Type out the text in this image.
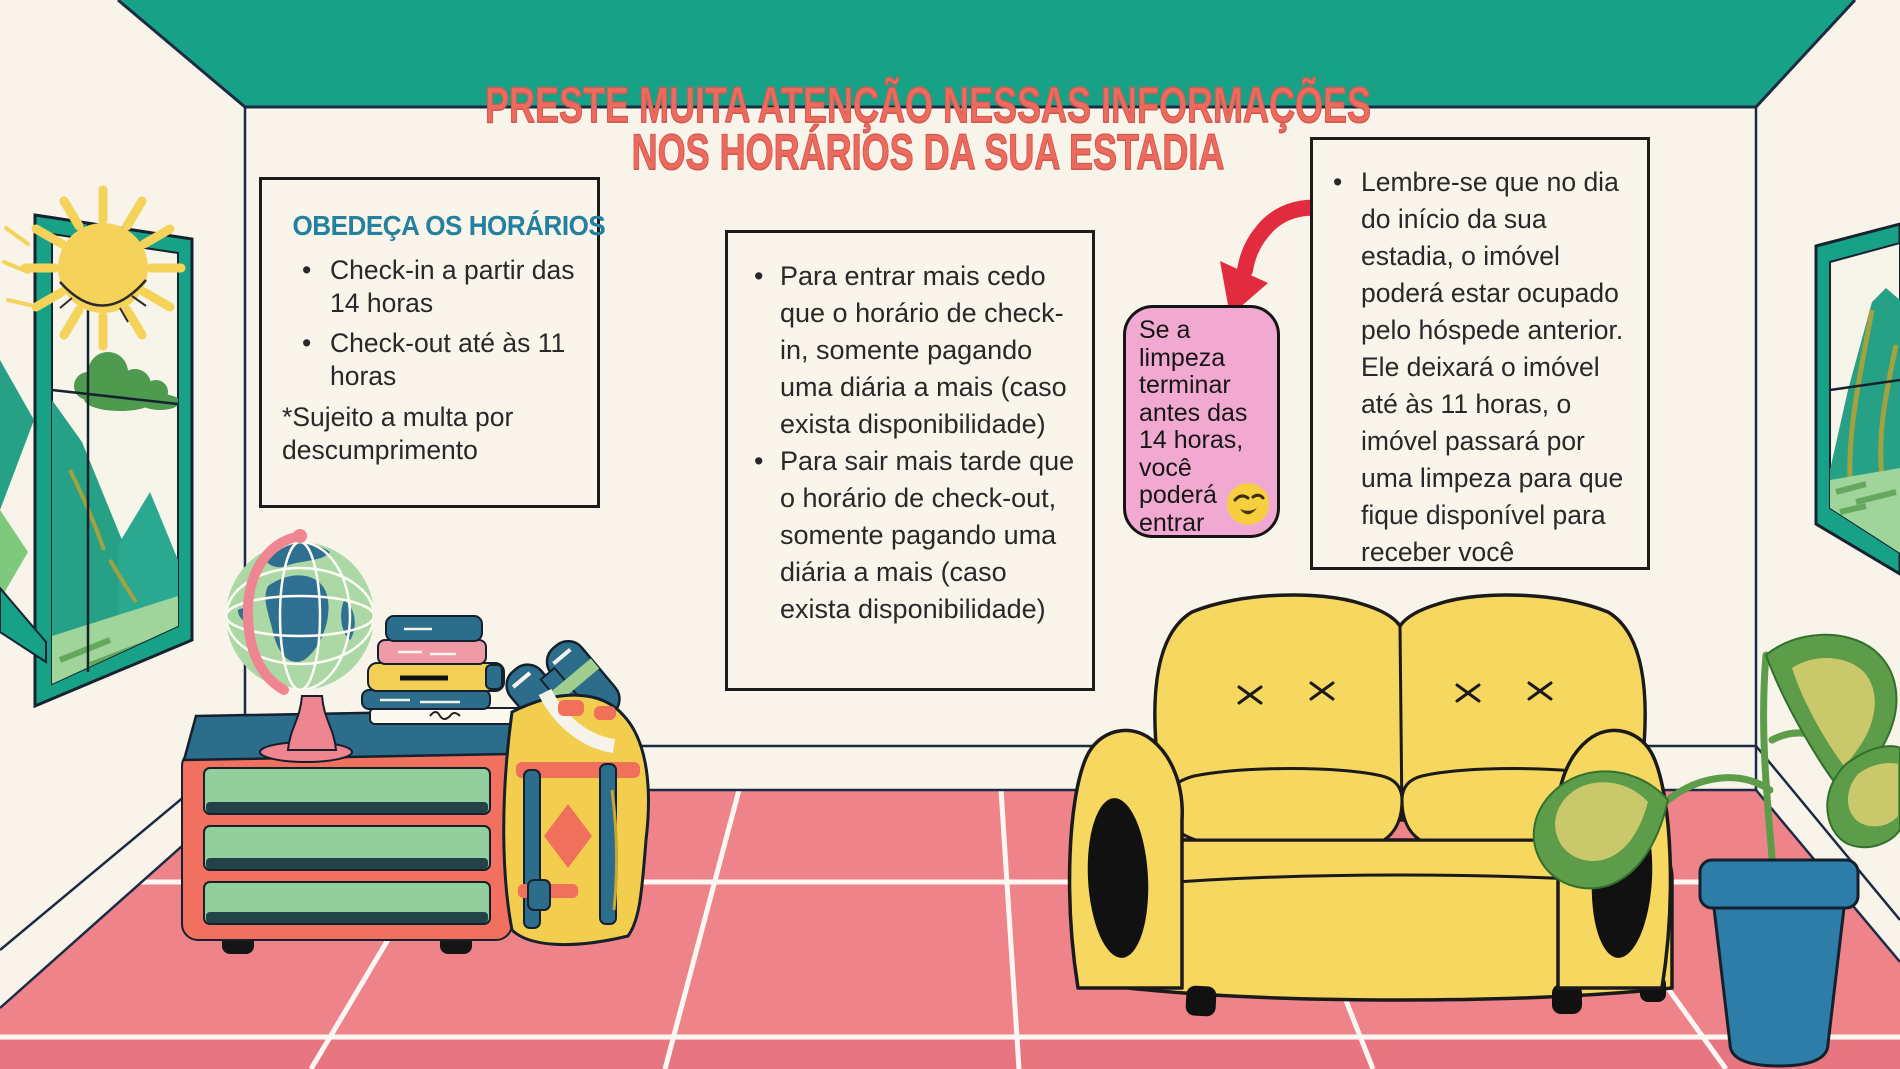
PRESTE MUITA ATENÇÃO NESSAS INFORMAÇÕES
NOS HORÁRIOS DA SUA ESTADIA
OBEDEÇA OS HORÁRIOS
• Check-in a partir das 14 horas
• Check-out até às 11 horas
*Sujeito a multa por descumprimento
• Para entrar mais cedo que o horário de check-in, somente pagando uma diária a mais (caso exista disponibilidade)
• Para sair mais tarde que o horário de check-out, somente pagando uma diária a mais (caso exista disponibilidade)
Se a limpeza terminar antes das 14 horas, você poderá entrar
• Lembre-se que no dia do início da sua estadia, o imóvel poderá estar ocupado pelo hóspede anterior. Ele deixará o imóvel até às 11 horas, o imóvel passará por uma limpeza para que fique disponível para receber você
